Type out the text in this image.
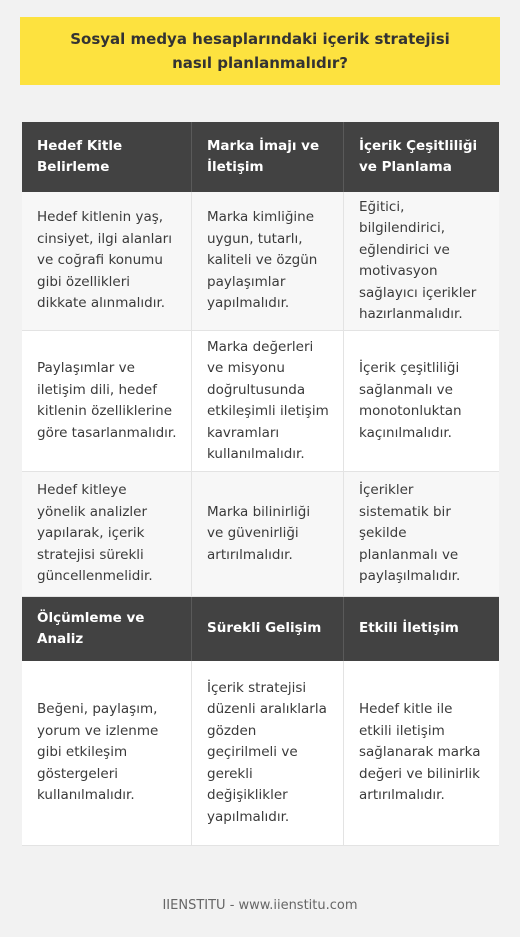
Sosyal medya hesaplarındaki içerik stratejisi nasıl planlanmalıdır?
Hedef Kitle Belirleme
Marka İmajı ve İletişim
İçerik Çeşitliliği ve Planlama
Hedef kitlenin yaş, cinsiyet, ilgi alanları ve coğrafi konumu gibi özellikleri dikkate alınmalıdır.
Marka kimliğine uygun, tutarlı, kaliteli ve özgün paylaşımlar yapılmalıdır.
Eğitici, bilgilendirici, eğlendirici ve motivasyon sağlayıcı içerikler hazırlanmalıdır.
Paylaşımlar ve iletişim dili, hedef kitlenin özelliklerine göre tasarlanmalıdır.
Marka değerleri ve misyonu doğrultusunda etkileşimli iletişim kavramları kullanılmalıdır.
İçerik çeşitliliği sağlanmalı ve monotonluktan kaçınılmalıdır.
Hedef kitleye yönelik analizler yapılarak, içerik stratejisi sürekli güncellenmelidir.
Marka bilinirliği ve güvenirliği artırılmalıdır.
İçerikler sistematik bir şekilde planlanmalı ve paylaşılmalıdır.
Ölçümleme ve Analiz
Sürekli Gelişim	Etkili İletişim
Beğeni, paylaşım, yorum ve izlenme gibi etkileşim göstergeleri kullanılmalıdır.
İçerik stratejisi düzenli aralıklarla gözden geçirilmeli ve gerekli değişiklikler yapılmalıdır.
Hedef kitle ile etkili iletişim sağlanarak marka değeri ve bilinirlik artırılmalıdır.
IIENSTITU - www.iienstitu.com
